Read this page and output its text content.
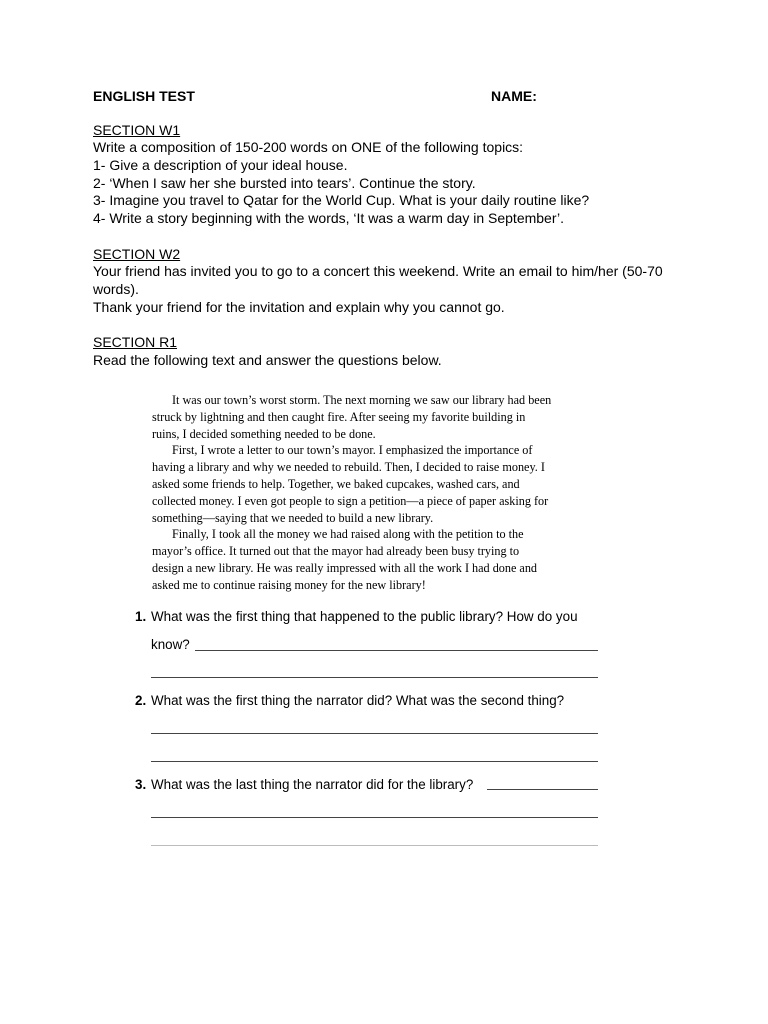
ENGLISH TEST	NAME:
SECTION W1
Write a composition of 150-200 words on ONE of the following topics:
1- Give a description of your ideal house.
2- ‘When I saw her she bursted into tears’. Continue the story.
3- Imagine you travel to Qatar for the World Cup. What is your daily routine like?
4- Write a story beginning with the words, ‘It was a warm day in September’.
SECTION W2
Your friend has invited you to go to a concert this weekend. Write an email to him/her (50-70
words).
Thank your friend for the invitation and explain why you cannot go.
SECTION R1
Read the following text and answer the questions below.

It was our town’s worst storm. The next morning we saw our library had been struck by lightning and then caught fire. After seeing my favorite building in ruins, I decided something needed to be done.

First, I wrote a letter to our town’s mayor. I emphasized the importance of having a library and why we needed to rebuild. Then, I decided to raise money. I asked some friends to help. Together, we baked cupcakes, washed cars, and collected money. I even got people to sign a petition—a piece of paper asking for something—saying that we needed to build a new library.

Finally, I took all the money we had raised along with the petition to the mayor’s office. It turned out that the mayor had already been busy trying to design a new library. He was really impressed with all the work I had done and asked me to continue raising money for the new library!

1. What was the first thing that happened to the public library? How do you
know?
2. What was the first thing the narrator did? What was the second thing?
3. What was the last thing the narrator did for the library?
